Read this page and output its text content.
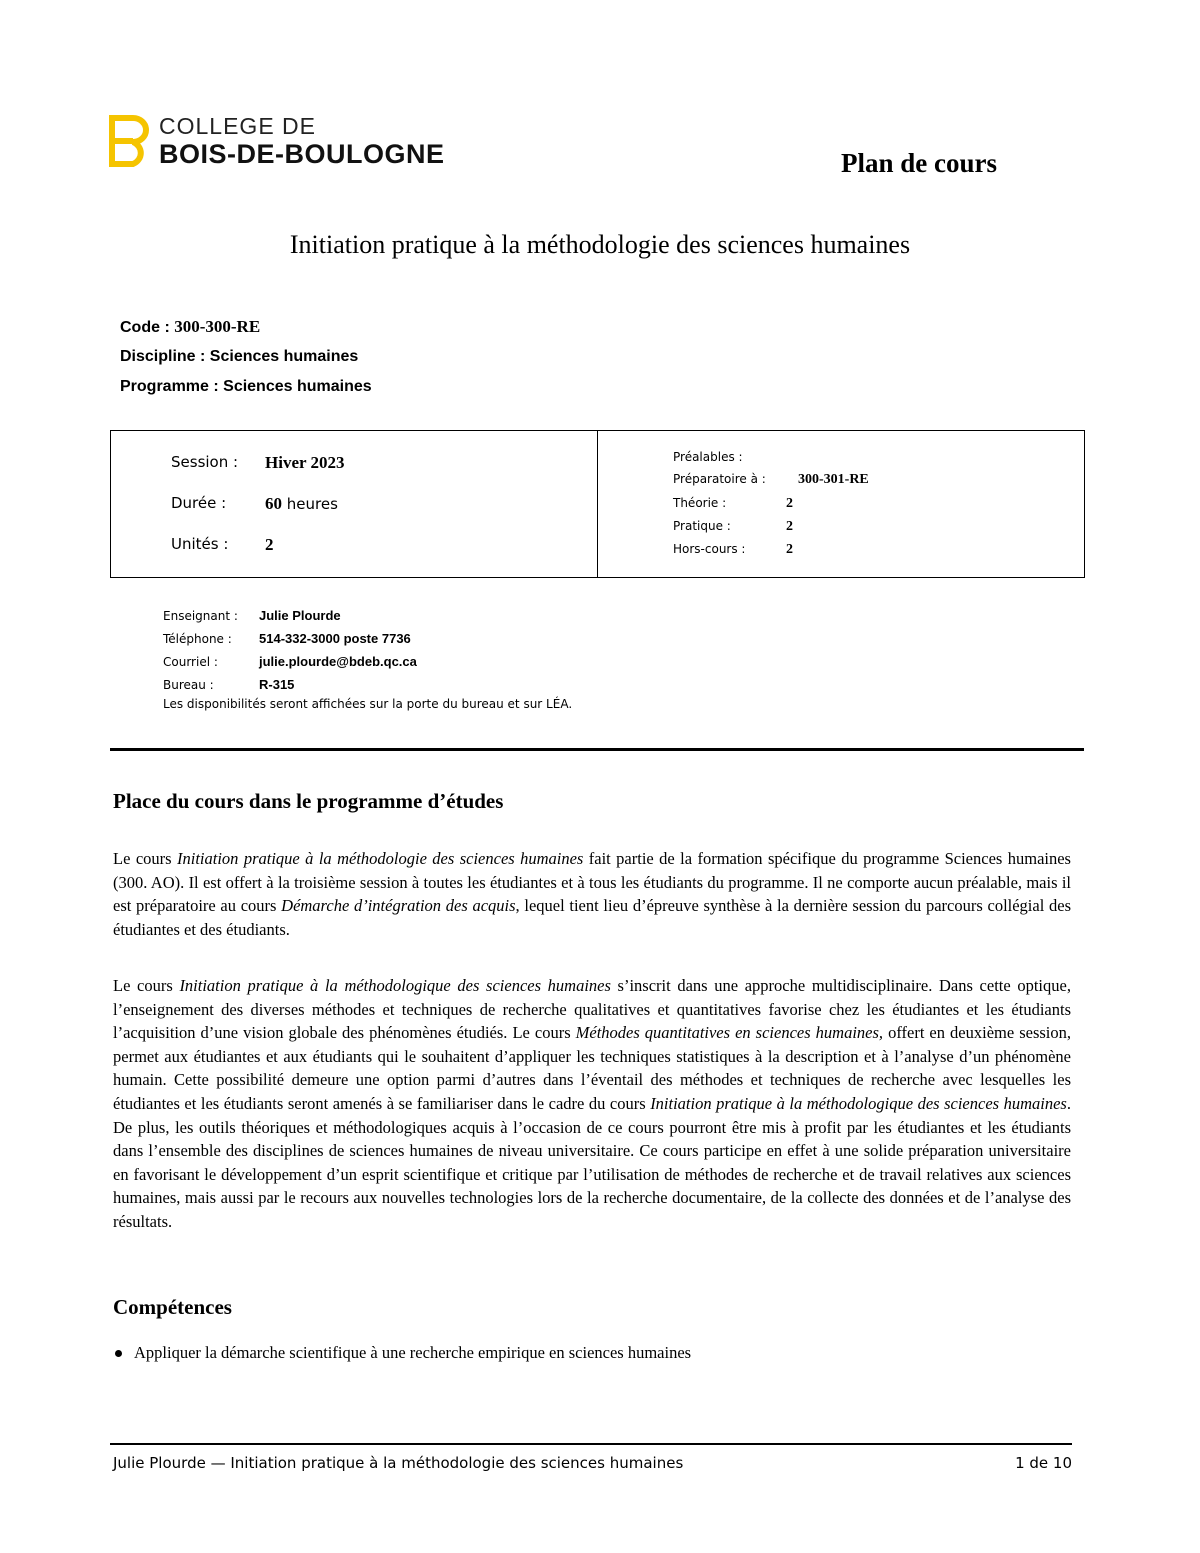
COLLEGE DE
BOIS-DE-BOULOGNE	Plan de cours
Initiation pratique à la méthodologie des sciences humaines
Code : 300-300-RE
Discipline : Sciences humaines
Programme : Sciences humaines
Session :	Hiver 2023
Durée :	60 heures
Unités :	2
Préalables :
Préparatoire à :	300-301-RE
Théorie :	2
Pratique :	2
Hors-cours :	2
Enseignant :	Julie Plourde
Téléphone :	514-332-3000 poste 7736
Courriel :	julie.plourde@bdeb.qc.ca
Bureau :	R-315
Les disponibilités seront affichées sur la porte du bureau et sur LÉA.
Place du cours dans le programme d’études

Le cours Initiation pratique à la méthodologie des sciences humaines fait partie de la formation spécifique du programme Sciences humaines (300. AO). Il est offert à la troisième session à toutes les étudiantes et à tous les étudiants du programme. Il ne comporte aucun préalable, mais il est préparatoire au cours Démarche d’intégration des acquis, lequel tient lieu d’épreuve synthèse à la dernière session du parcours collégial des étudiantes et des étudiants.

Le cours Initiation pratique à la méthodologique des sciences humaines s’inscrit dans une approche multidisciplinaire. Dans cette optique, l’enseignement des diverses méthodes et techniques de recherche qualitatives et quantitatives favorise chez les étudiantes et les étudiants l’acquisition d’une vision globale des phénomènes étudiés. Le cours Méthodes quantitatives en sciences humaines, offert en deuxième session, permet aux étudiantes et aux étudiants qui le souhaitent d’appliquer les techniques statistiques à la description et à l’analyse d’un phénomène humain. Cette possibilité demeure une option parmi d’autres dans l’éventail des méthodes et techniques de recherche avec lesquelles les étudiantes et les étudiants seront amenés à se familiariser dans le cadre du cours Initiation pratique à la méthodologique des sciences humaines. De plus, les outils théoriques et méthodologiques acquis à l’occasion de ce cours pourront être mis à profit par les étudiantes et les étudiants dans l’ensemble des disciplines de sciences humaines de niveau universitaire. Ce cours participe en effet à une solide préparation universitaire en favorisant le développement d’un esprit scientifique et critique par l’utilisation de méthodes de recherche et de travail relatives aux sciences humaines, mais aussi par le recours aux nouvelles technologies lors de la recherche documentaire, de la collecte des données et de l’analyse des résultats.

Compétences
Appliquer la démarche scientifique à une recherche empirique en sciences humaines
Julie Plourde — Initiation pratique à la méthodologie des sciences humaines	1 de 10
